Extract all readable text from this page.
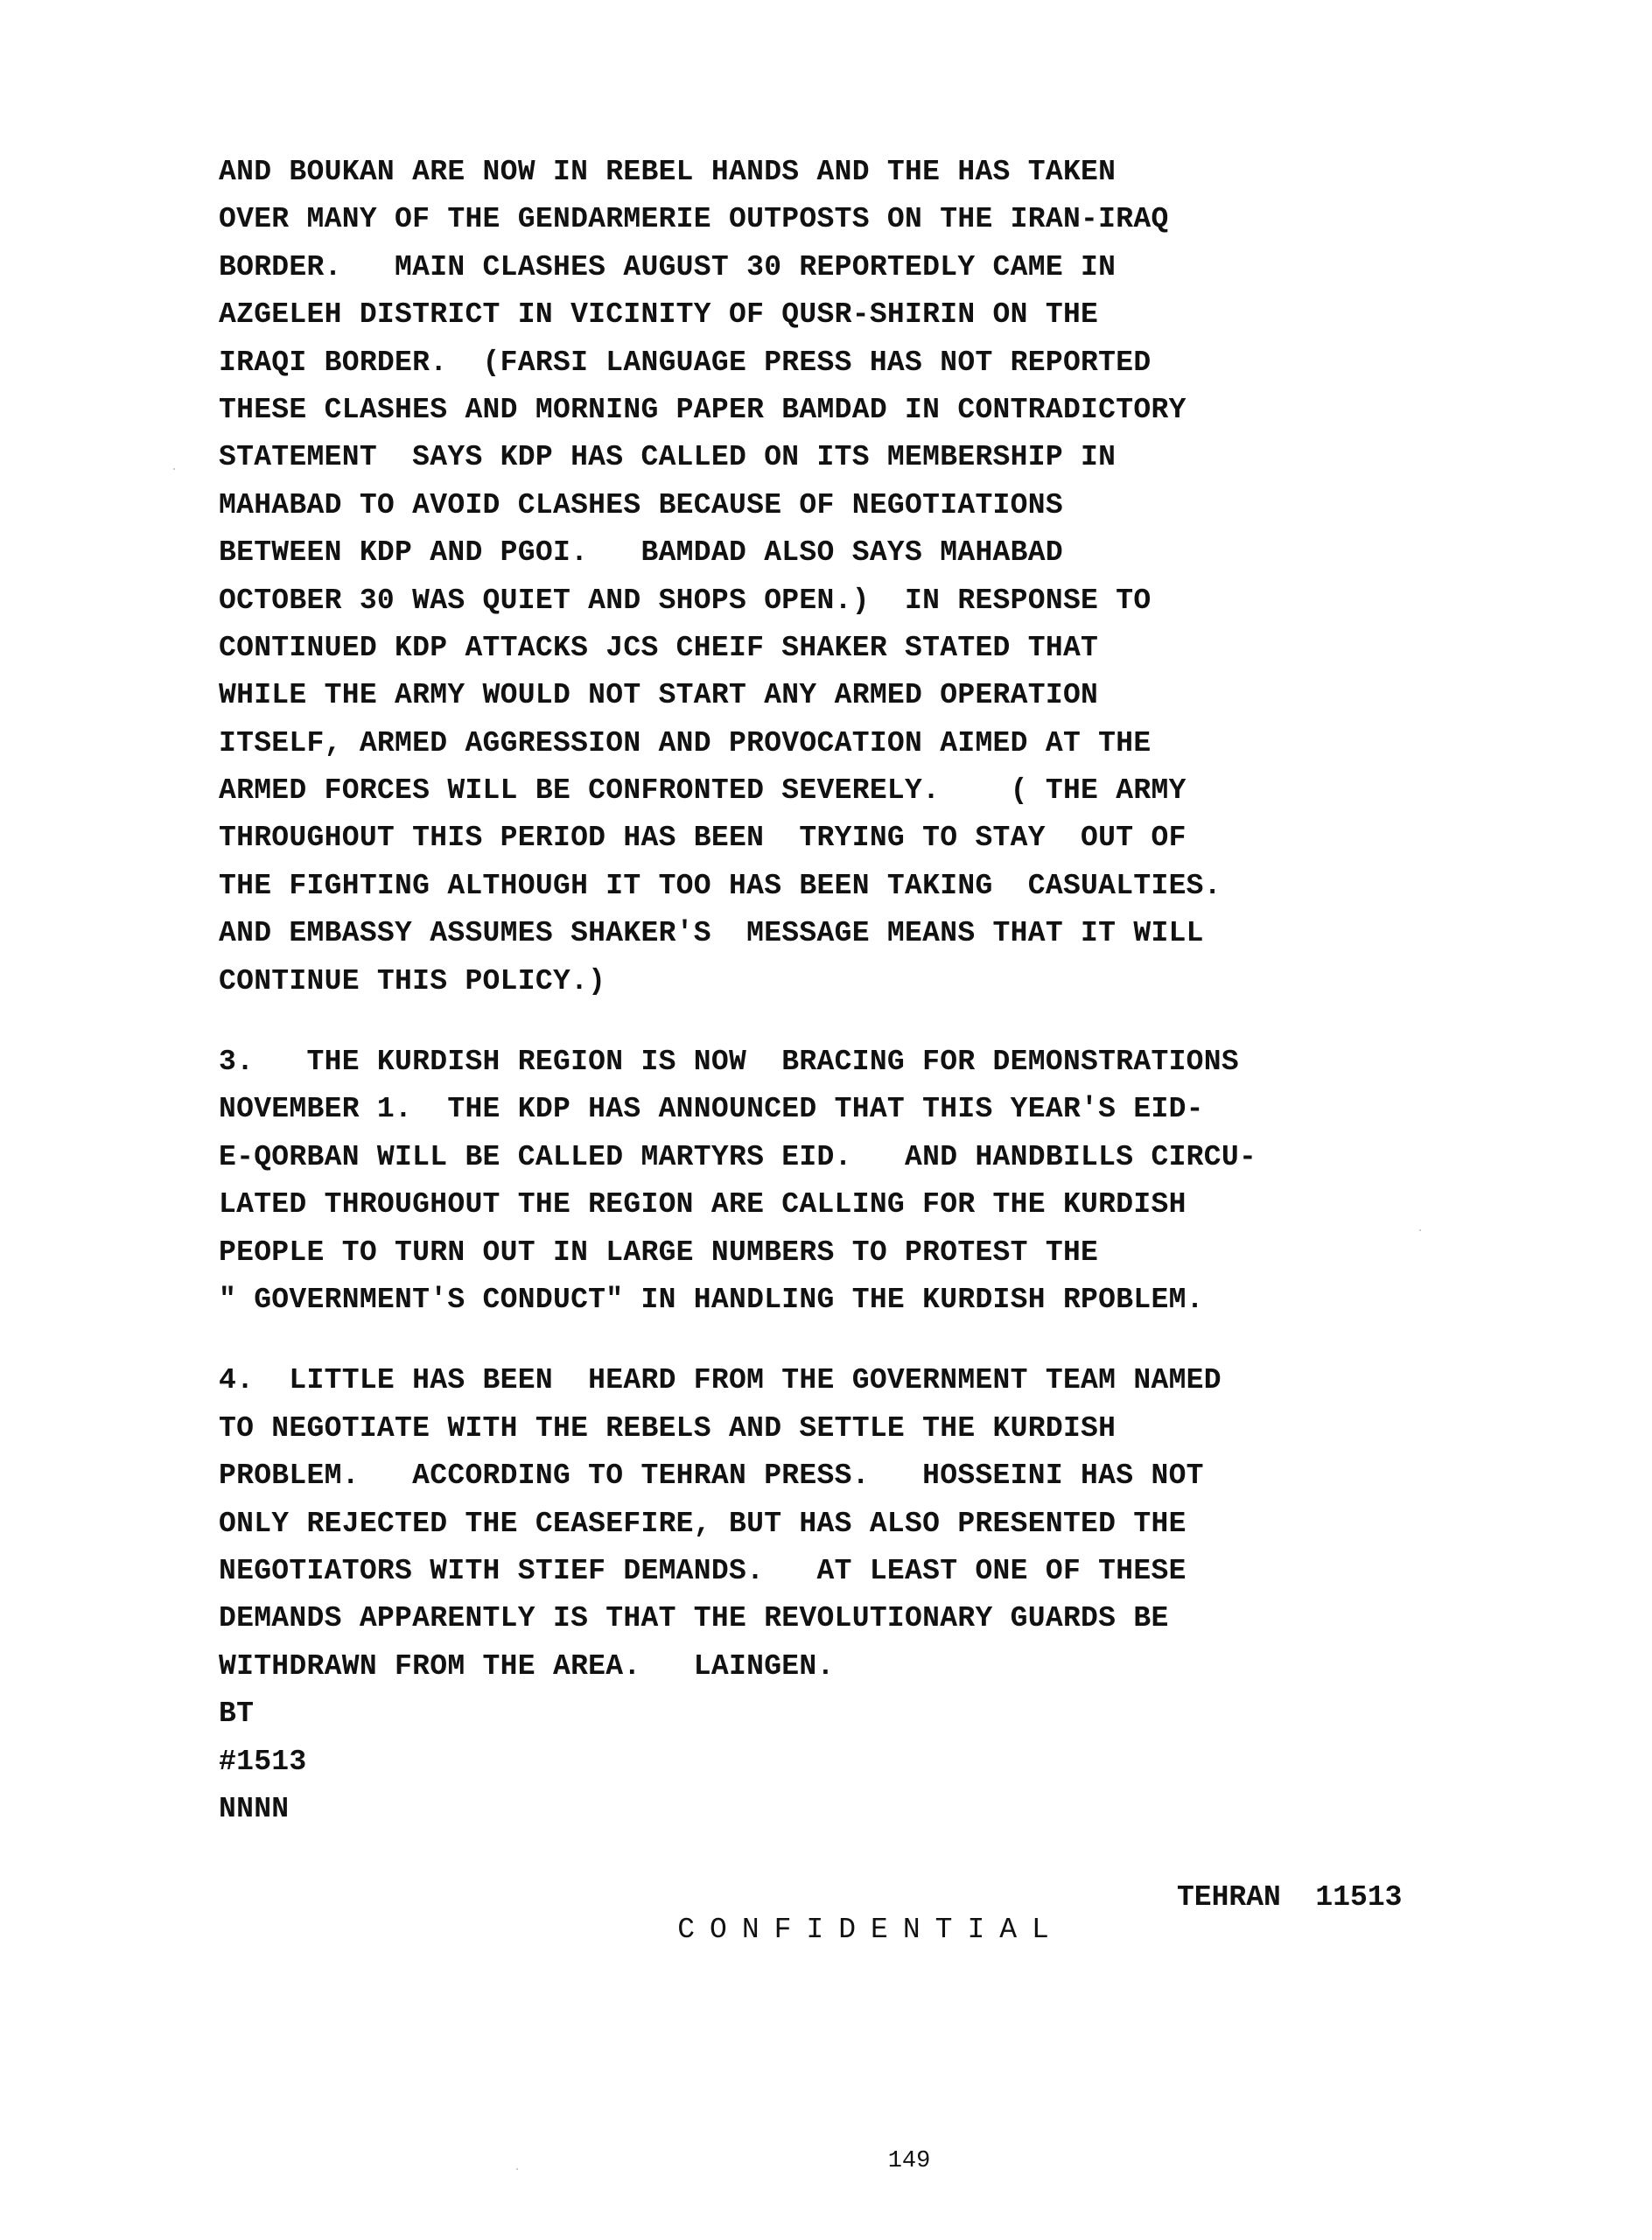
AND BOUKAN ARE NOW IN REBEL HANDS AND THE HAS TAKEN
OVER MANY OF THE GENDARMERIE OUTPOSTS ON THE IRAN-IRAQ
BORDER.   MAIN CLASHES AUGUST 30 REPORTEDLY CAME IN
AZGELEH DISTRICT IN VICINITY OF QUSR-SHIRIN ON THE
IRAQI BORDER.  (FARSI LANGUAGE PRESS HAS NOT REPORTED
THESE CLASHES AND MORNING PAPER BAMDAD IN CONTRADICTORY
STATEMENT  SAYS KDP HAS CALLED ON ITS MEMBERSHIP IN
MAHABAD TO AVOID CLASHES BECAUSE OF NEGOTIATIONS
BETWEEN KDP AND PGOI.   BAMDAD ALSO SAYS MAHABAD
OCTOBER 30 WAS QUIET AND SHOPS OPEN.)  IN RESPONSE TO
CONTINUED KDP ATTACKS JCS CHEIF SHAKER STATED THAT
WHILE THE ARMY WOULD NOT START ANY ARMED OPERATION
ITSELF, ARMED AGGRESSION AND PROVOCATION AIMED AT THE
ARMED FORCES WILL BE CONFRONTED SEVERELY.    ( THE ARMY
THROUGHOUT THIS PERIOD HAS BEEN  TRYING TO STAY  OUT OF
THE FIGHTING ALTHOUGH IT TOO HAS BEEN TAKING  CASUALTIES.
AND EMBASSY ASSUMES SHAKER'S  MESSAGE MEANS THAT IT WILL
CONTINUE THIS POLICY.)
3.   THE KURDISH REGION IS NOW  BRACING FOR DEMONSTRATIONS
NOVEMBER 1.  THE KDP HAS ANNOUNCED THAT THIS YEAR'S EID-
E-QORBAN WILL BE CALLED MARTYRS EID.   AND HANDBILLS CIRCU-
LATED THROUGHOUT THE REGION ARE CALLING FOR THE KURDISH
PEOPLE TO TURN OUT IN LARGE NUMBERS TO PROTEST THE
" GOVERNMENT'S CONDUCT" IN HANDLING THE KURDISH RPOBLEM.
4.  LITTLE HAS BEEN  HEARD FROM THE GOVERNMENT TEAM NAMED
TO NEGOTIATE WITH THE REBELS AND SETTLE THE KURDISH
PROBLEM.   ACCORDING TO TEHRAN PRESS.   HOSSEINI HAS NOT
ONLY REJECTED THE CEASEFIRE, BUT HAS ALSO PRESENTED THE
NEGOTIATORS WITH STIEF DEMANDS.   AT LEAST ONE OF THESE
DEMANDS APPARENTLY IS THAT THE REVOLUTIONARY GUARDS BE
WITHDRAWN FROM THE AREA.   LAINGEN.
BT
#1513
NNNN

CONFIDENTIAL

TEHRAN  11513
149
